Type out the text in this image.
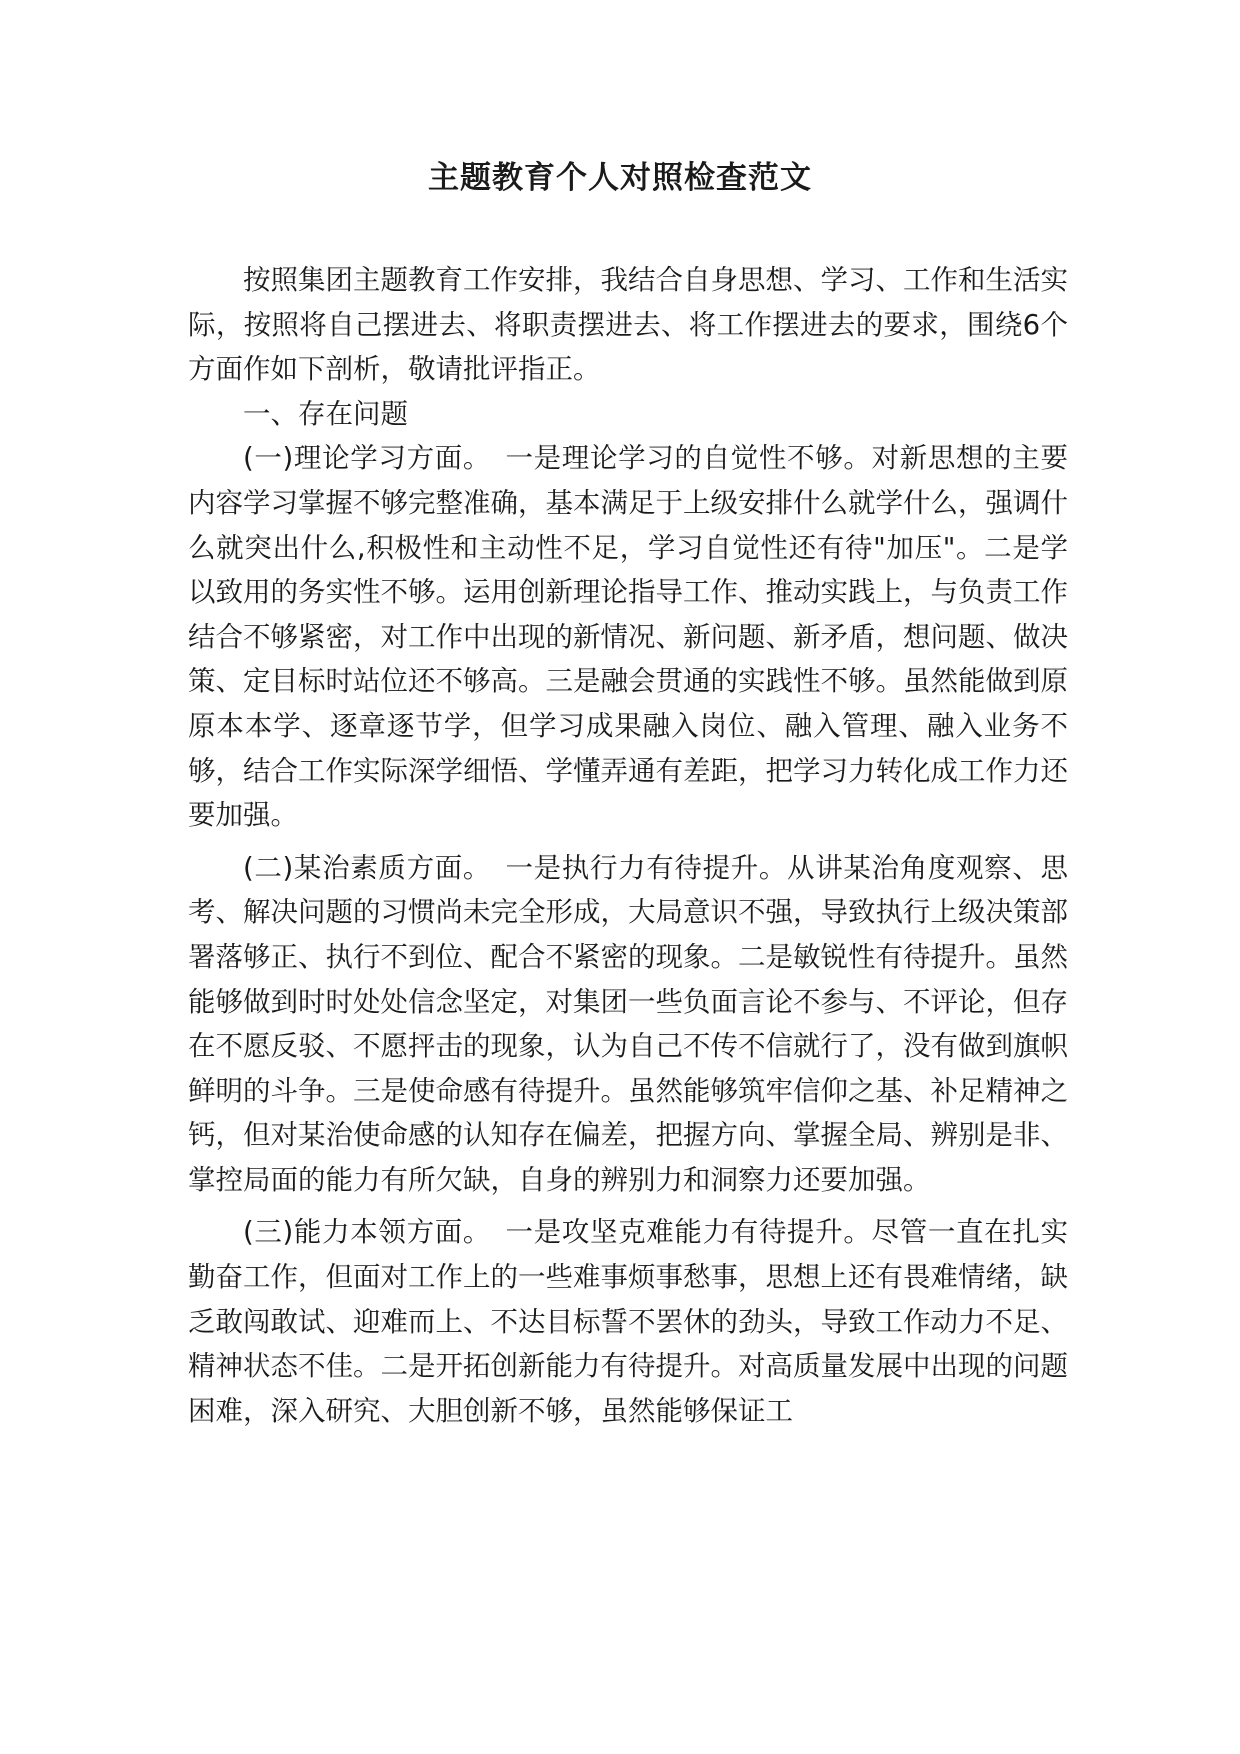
主题教育个人对照检查范文

按照集团主题教育工作安排，我结合自身思想、学习、工作和生活实际，按照将自己摆进去、将职责摆进去、将工作摆进去的要求，围绕6个方面作如下剖析，敬请批评指正。

一、存在问题

(一)理论学习方面。　一是理论学习的自觉性不够。对新思想的主要内容学习掌握不够完整准确，基本满足于上级安排什么就学什么，强调什么就突出什么,积极性和主动性不足，学习自觉性还有待"加压"。二是学以致用的务实性不够。运用创新理论指导工作、推动实践上，与负责工作结合不够紧密，对工作中出现的新情况、新问题、新矛盾，想问题、做决策、定目标时站位还不够高。三是融会贯通的实践性不够。虽然能做到原原本本学、逐章逐节学，但学习成果融入岗位、融入管理、融入业务不够，结合工作实际深学细悟、学懂弄通有差距，把学习力转化成工作力还要加强。

(二)某治素质方面。　一是执行力有待提升。从讲某治角度观察、思考、解决问题的习惯尚未完全形成，大局意识不强，导致执行上级决策部署落够正、执行不到位、配合不紧密的现象。二是敏锐性有待提升。虽然能够做到时时处处信念坚定，对集团一些负面言论不参与、不评论，但存在不愿反驳、不愿抨击的现象，认为自己不传不信就行了，没有做到旗帜鲜明的斗争。三是使命感有待提升。虽然能够筑牢信仰之基、补足精神之钙，但对某治使命感的认知存在偏差，把握方向、掌握全局、辨别是非、掌控局面的能力有所欠缺，自身的辨别力和洞察力还要加强。

(三)能力本领方面。　一是攻坚克难能力有待提升。尽管一直在扎实勤奋工作，但面对工作上的一些难事烦事愁事，思想上还有畏难情绪，缺乏敢闯敢试、迎难而上、不达目标誓不罢休的劲头，导致工作动力不足、精神状态不佳。二是开拓创新能力有待提升。对高质量发展中出现的问题困难，深入研究、大胆创新不够，虽然能够保证工
